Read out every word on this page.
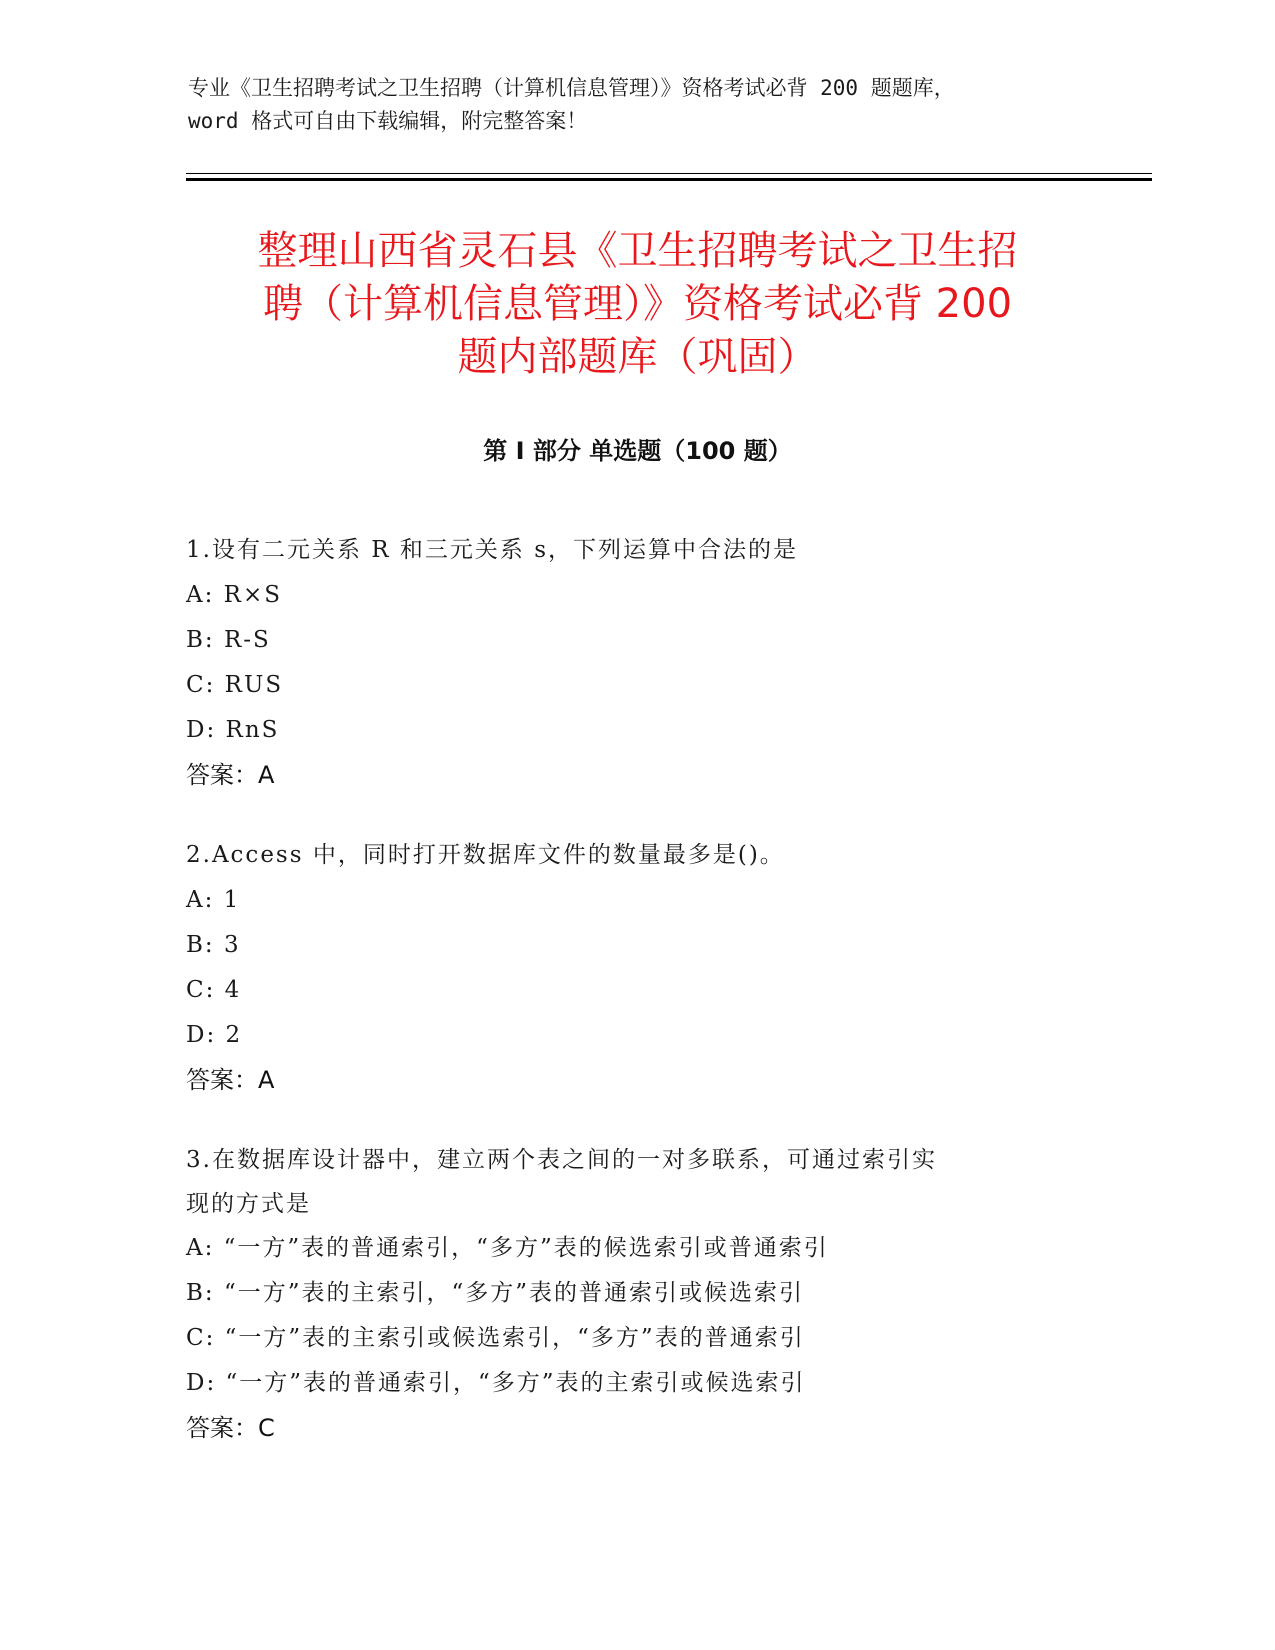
专业《卫生招聘考试之卫生招聘（计算机信息管理）》资格考试必背 200 题题库，
word 格式可自由下载编辑，附完整答案！
整理山西省灵石县《卫生招聘考试之卫生招
聘（计算机信息管理）》资格考试必背 200
题内部题库（巩固）
第 I 部分 单选题（100 题）
1.设有二元关系 R 和三元关系 s，下列运算中合法的是
A: R×S
B: R-S
C: RUS
D: RnS
答案：A
2.Access 中，同时打开数据库文件的数量最多是()。
A: 1
B: 3
C: 4
D: 2
答案：A
3.在数据库设计器中，建立两个表之间的一对多联系，可通过索引实
现的方式是
A: “一方”表的普通索引，“多方”表的候选索引或普通索引
B: “一方”表的主索引，“多方”表的普通索引或候选索引
C: “一方”表的主索引或候选索引，“多方”表的普通索引
D: “一方”表的普通索引，“多方”表的主索引或候选索引
答案：C
